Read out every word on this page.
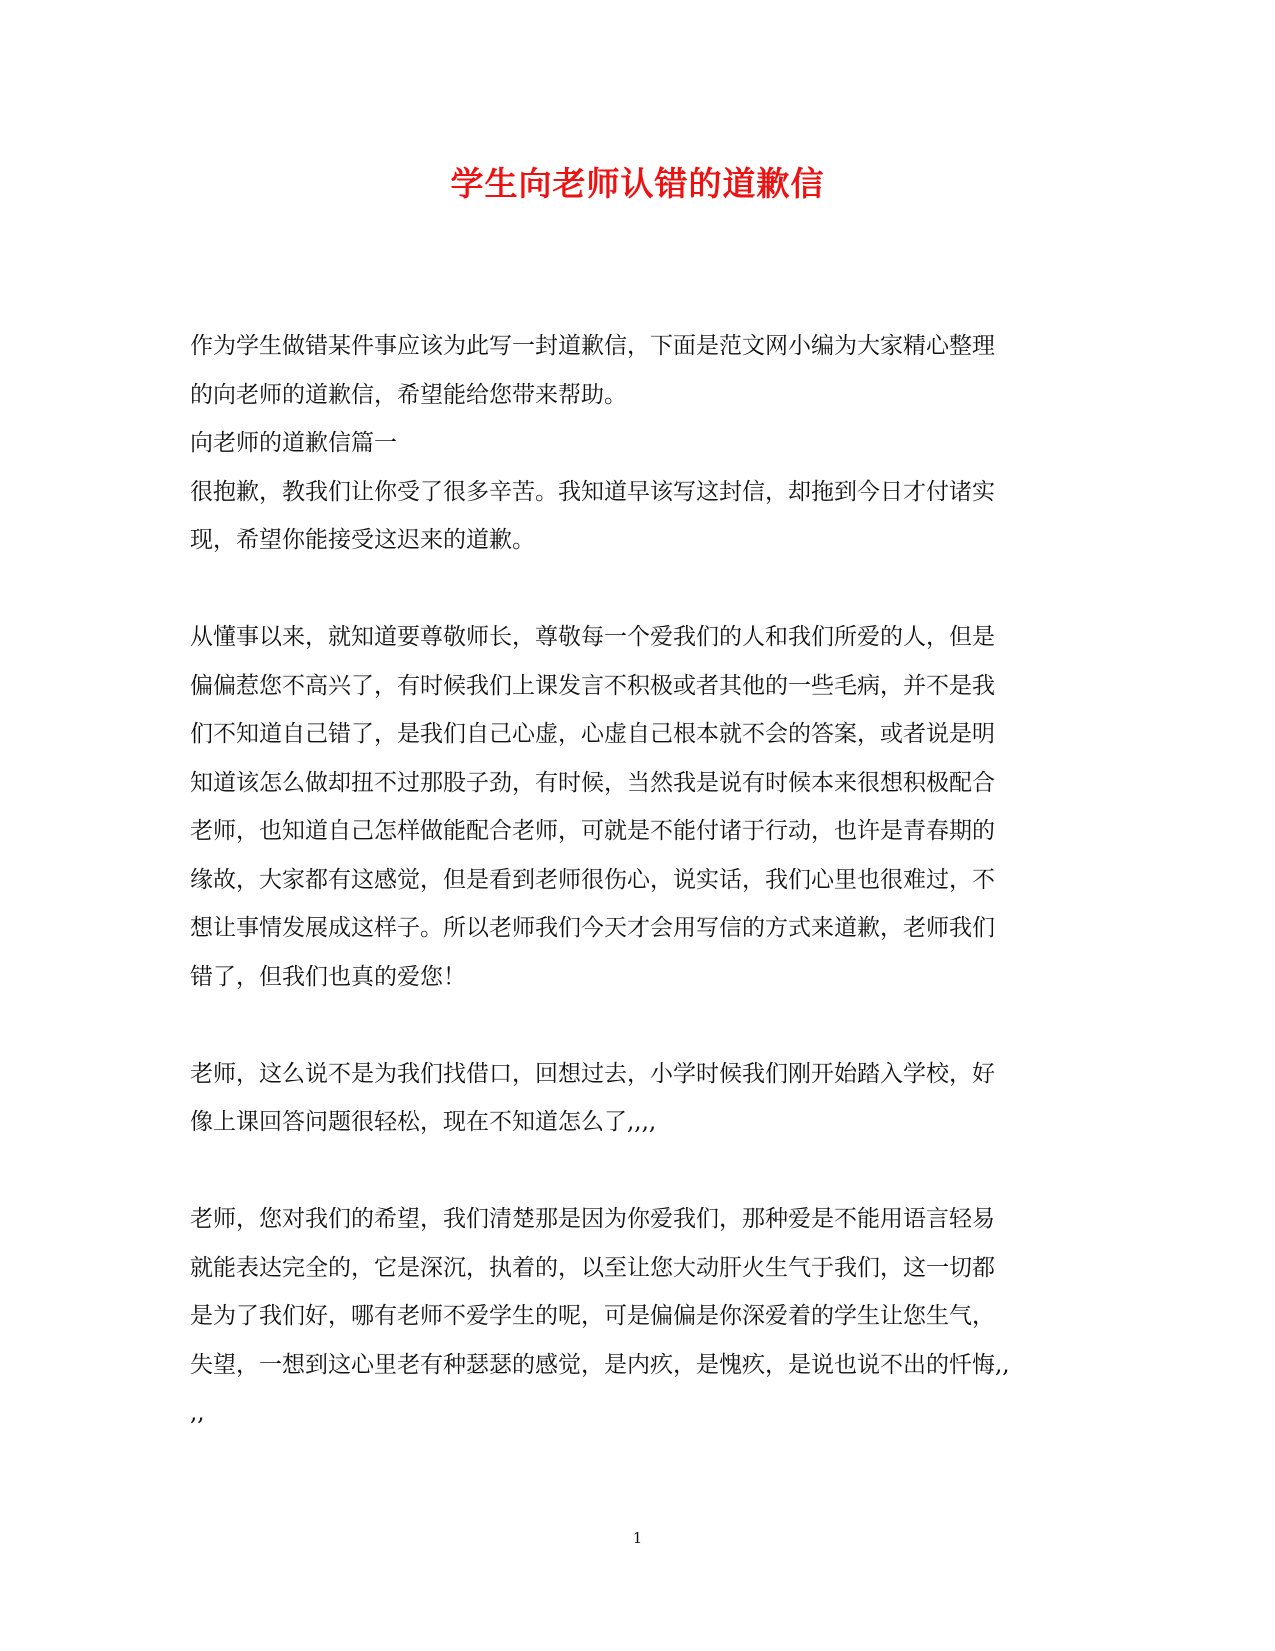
学生向老师认错的道歉信
作为学生做错某件事应该为此写一封道歉信，下面是范文网小编为大家精心整理
的向老师的道歉信，希望能给您带来帮助。
向老师的道歉信篇一
很抱歉，教我们让你受了很多辛苦。我知道早该写这封信，却拖到今日才付诸实
现，希望你能接受这迟来的道歉。
从懂事以来，就知道要尊敬师长，尊敬每一个爱我们的人和我们所爱的人，但是
偏偏惹您不高兴了，有时候我们上课发言不积极或者其他的一些毛病，并不是我
们不知道自己错了，是我们自己心虚，心虚自己根本就不会的答案，或者说是明
知道该怎么做却扭不过那股子劲，有时候，当然我是说有时候本来很想积极配合
老师，也知道自己怎样做能配合老师，可就是不能付诸于行动，也许是青春期的
缘故，大家都有这感觉，但是看到老师很伤心，说实话，我们心里也很难过，不
想让事情发展成这样子。所以老师我们今天才会用写信的方式来道歉，老师我们
错了，但我们也真的爱您！
老师，这么说不是为我们找借口，回想过去，小学时候我们刚开始踏入学校，好
像上课回答问题很轻松，现在不知道怎么了,,,,
老师，您对我们的希望，我们清楚那是因为你爱我们，那种爱是不能用语言轻易
就能表达完全的，它是深沉，执着的，以至让您大动肝火生气于我们，这一切都
是为了我们好，哪有老师不爱学生的呢，可是偏偏是你深爱着的学生让您生气，
失望，一想到这心里老有种瑟瑟的感觉，是内疚，是愧疚，是说也说不出的忏悔,,
,,
1
